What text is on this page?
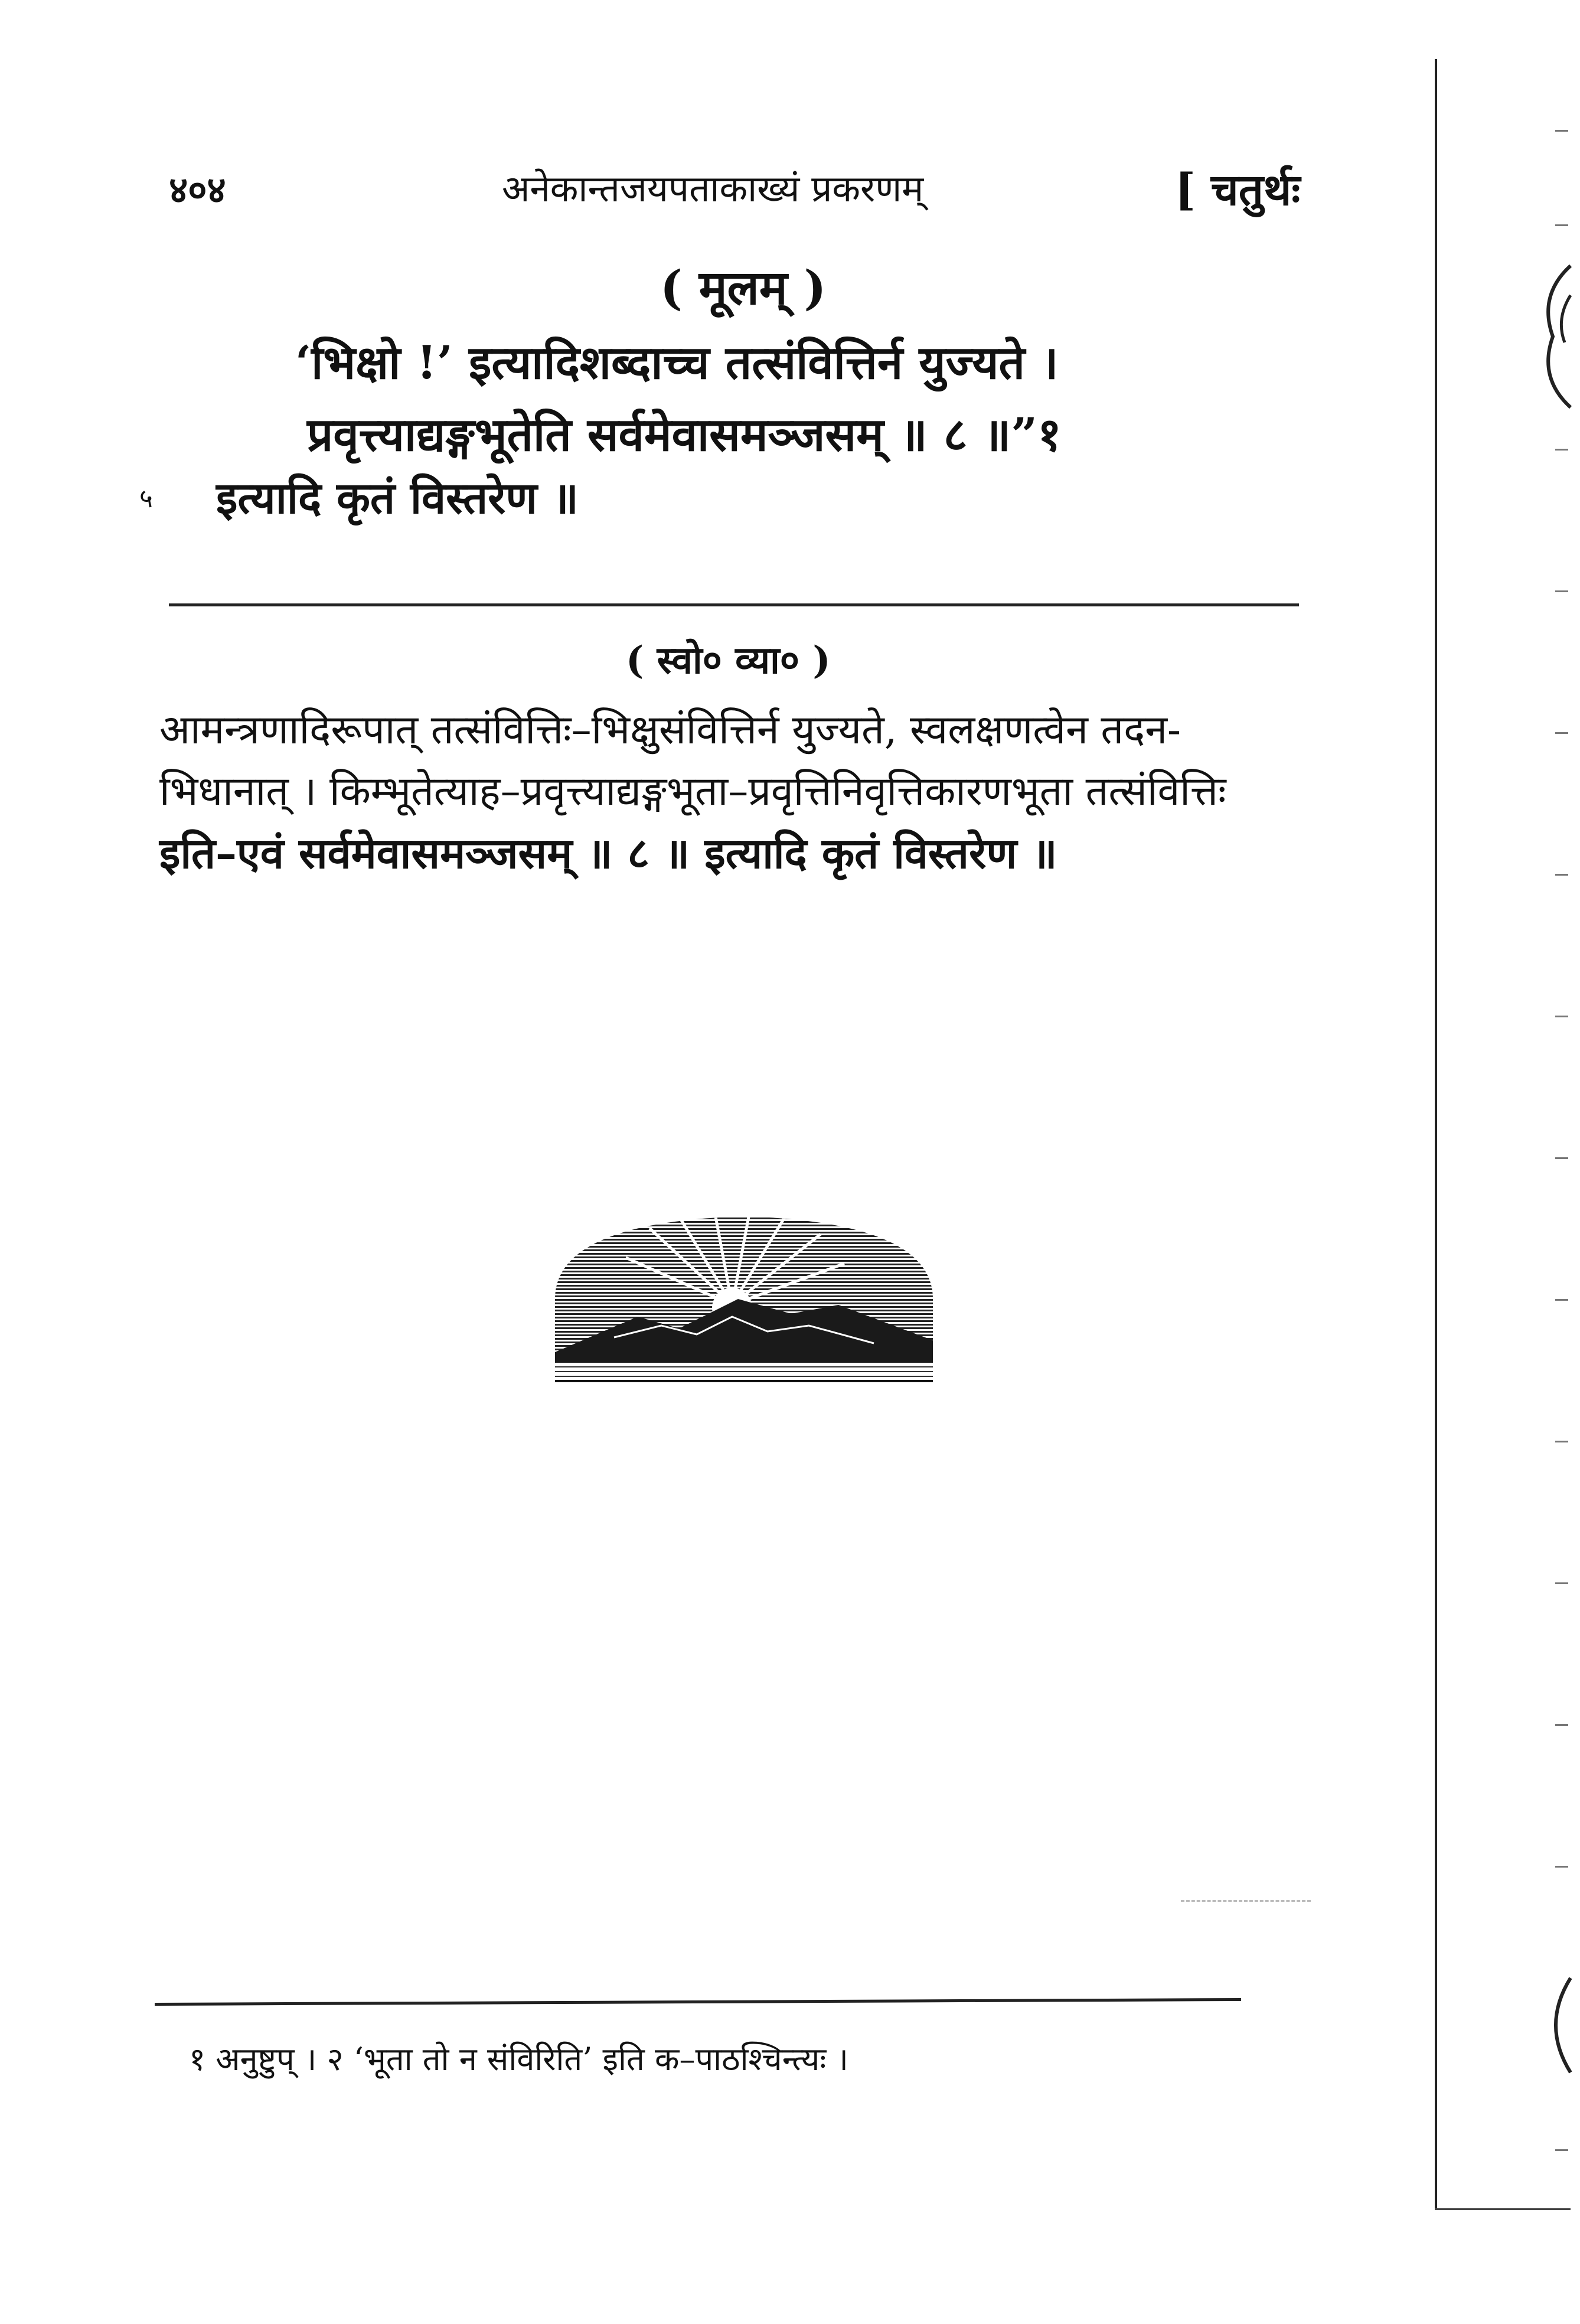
४०४	अनेकान्तजयपताकाख्यं प्रकरणम्	[ चतुर्थः
( मूलम् )
‘भिक्षो !’ इत्यादिशब्दाच्च तत्संवित्तिर्न युज्यते ।
प्रवृत्त्याद्यङ्गभूतेति सर्वमेवासमञ्जसम् ॥ ८ ॥”१
५ इत्यादि कृतं विस्तरेण ॥
( स्वो० व्या० )
आमन्त्रणादिरूपात् तत्संवित्तिः–भिक्षुसंवित्तिर्न युज्यते, स्वलक्षणत्वेन तदन-
भिधानात् । किम्भूतेत्याह–प्रवृत्त्याद्यङ्गभूता–प्रवृत्तिनिवृत्तिकारणभूता तत्संवित्तिः
इति–एवं सर्वमेवासमञ्जसम् ॥ ८ ॥ इत्यादि कृतं विस्तरेण ॥
१ अनुष्टुप् । २ ‘भूता तो न संविरिति’ इति क–पाठश्चिन्त्यः ।
